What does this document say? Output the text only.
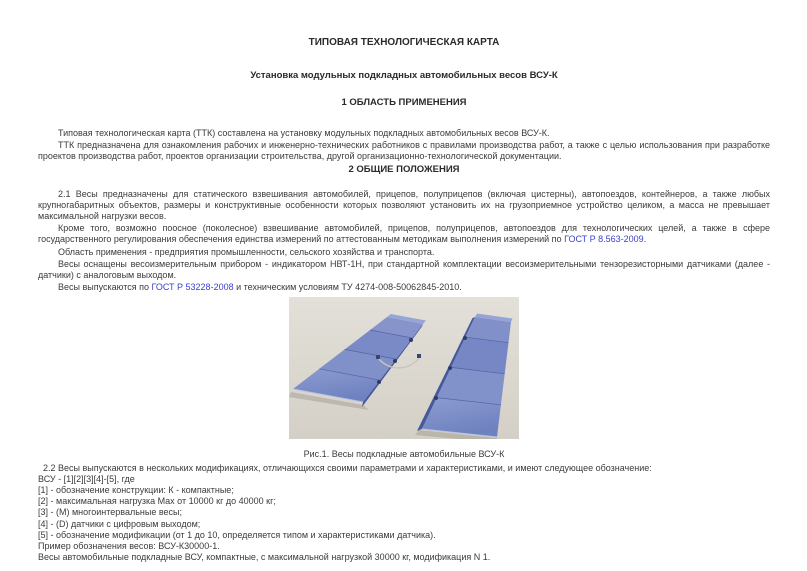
ТИПОВАЯ ТЕХНОЛОГИЧЕСКАЯ КАРТА

Установка модульных подкладных автомобильных весов ВСУ-К

1 ОБЛАСТЬ ПРИМЕНЕНИЯ

Типовая технологическая карта (ТТК) составлена на установку модульных подкладных автомобильных весов ВСУ-К.

ТТК предназначена для ознакомления рабочих и инженерно-технических работников с правилами производства работ, а также с целью использования при разработке проектов производства работ, проектов организации строительства, другой организационно-технологической документации.

2 ОБЩИЕ ПОЛОЖЕНИЯ

2.1 Весы предназначены для статического взвешивания автомобилей, прицепов, полуприцепов (включая цистерны), автопоездов, контейнеров, а также любых крупногабаритных объектов, размеры и конструктивные особенности которых позволяют установить их на грузоприемное устройство целиком, а масса не превышает максимальной нагрузки весов.

Кроме того, возможно поосное (поколесное) взвешивание автомобилей, прицепов, полуприцепов, автопоездов для технологических целей, а также в сфере государственного регулирования обеспечения единства измерений по аттестованным методикам выполнения измерений по ГОСТ Р 8.563-2009.

Область применения - предприятия промышленности, сельского хозяйства и транспорта.

Весы оснащены весоизмерительным прибором - индикатором НВТ-1Н, при стандартной комплектации весоизмерительными тензорезисторными датчиками (далее - датчики) с аналоговым выходом.

Весы выпускаются по ГОСТ Р 53228-2008 и техническим условиям ТУ 4274-008-50062845-2010.

Рис.1. Весы подкладные автомобильные ВСУ-К

2.2 Весы выпускаются в нескольких модификациях, отличающихся своими параметрами и характеристиками, и имеют следующее обозначение:

ВСУ - [1][2][3][4]-[5], где

[1] - обозначение конструкции: К - компактные;

[2] - максимальная нагрузка Max от 10000 кг до 40000 кг;

[3] - (М) многоинтервальные весы;

[4] - (D) датчики с цифровым выходом;

[5] - обозначение модификации (от 1 до 10, определяется типом и характеристиками датчика).

Пример обозначения весов: ВСУ-К30000-1.

Весы автомобильные подкладные ВСУ, компактные, с максимальной нагрузкой 30000 кг, модификация N 1.
